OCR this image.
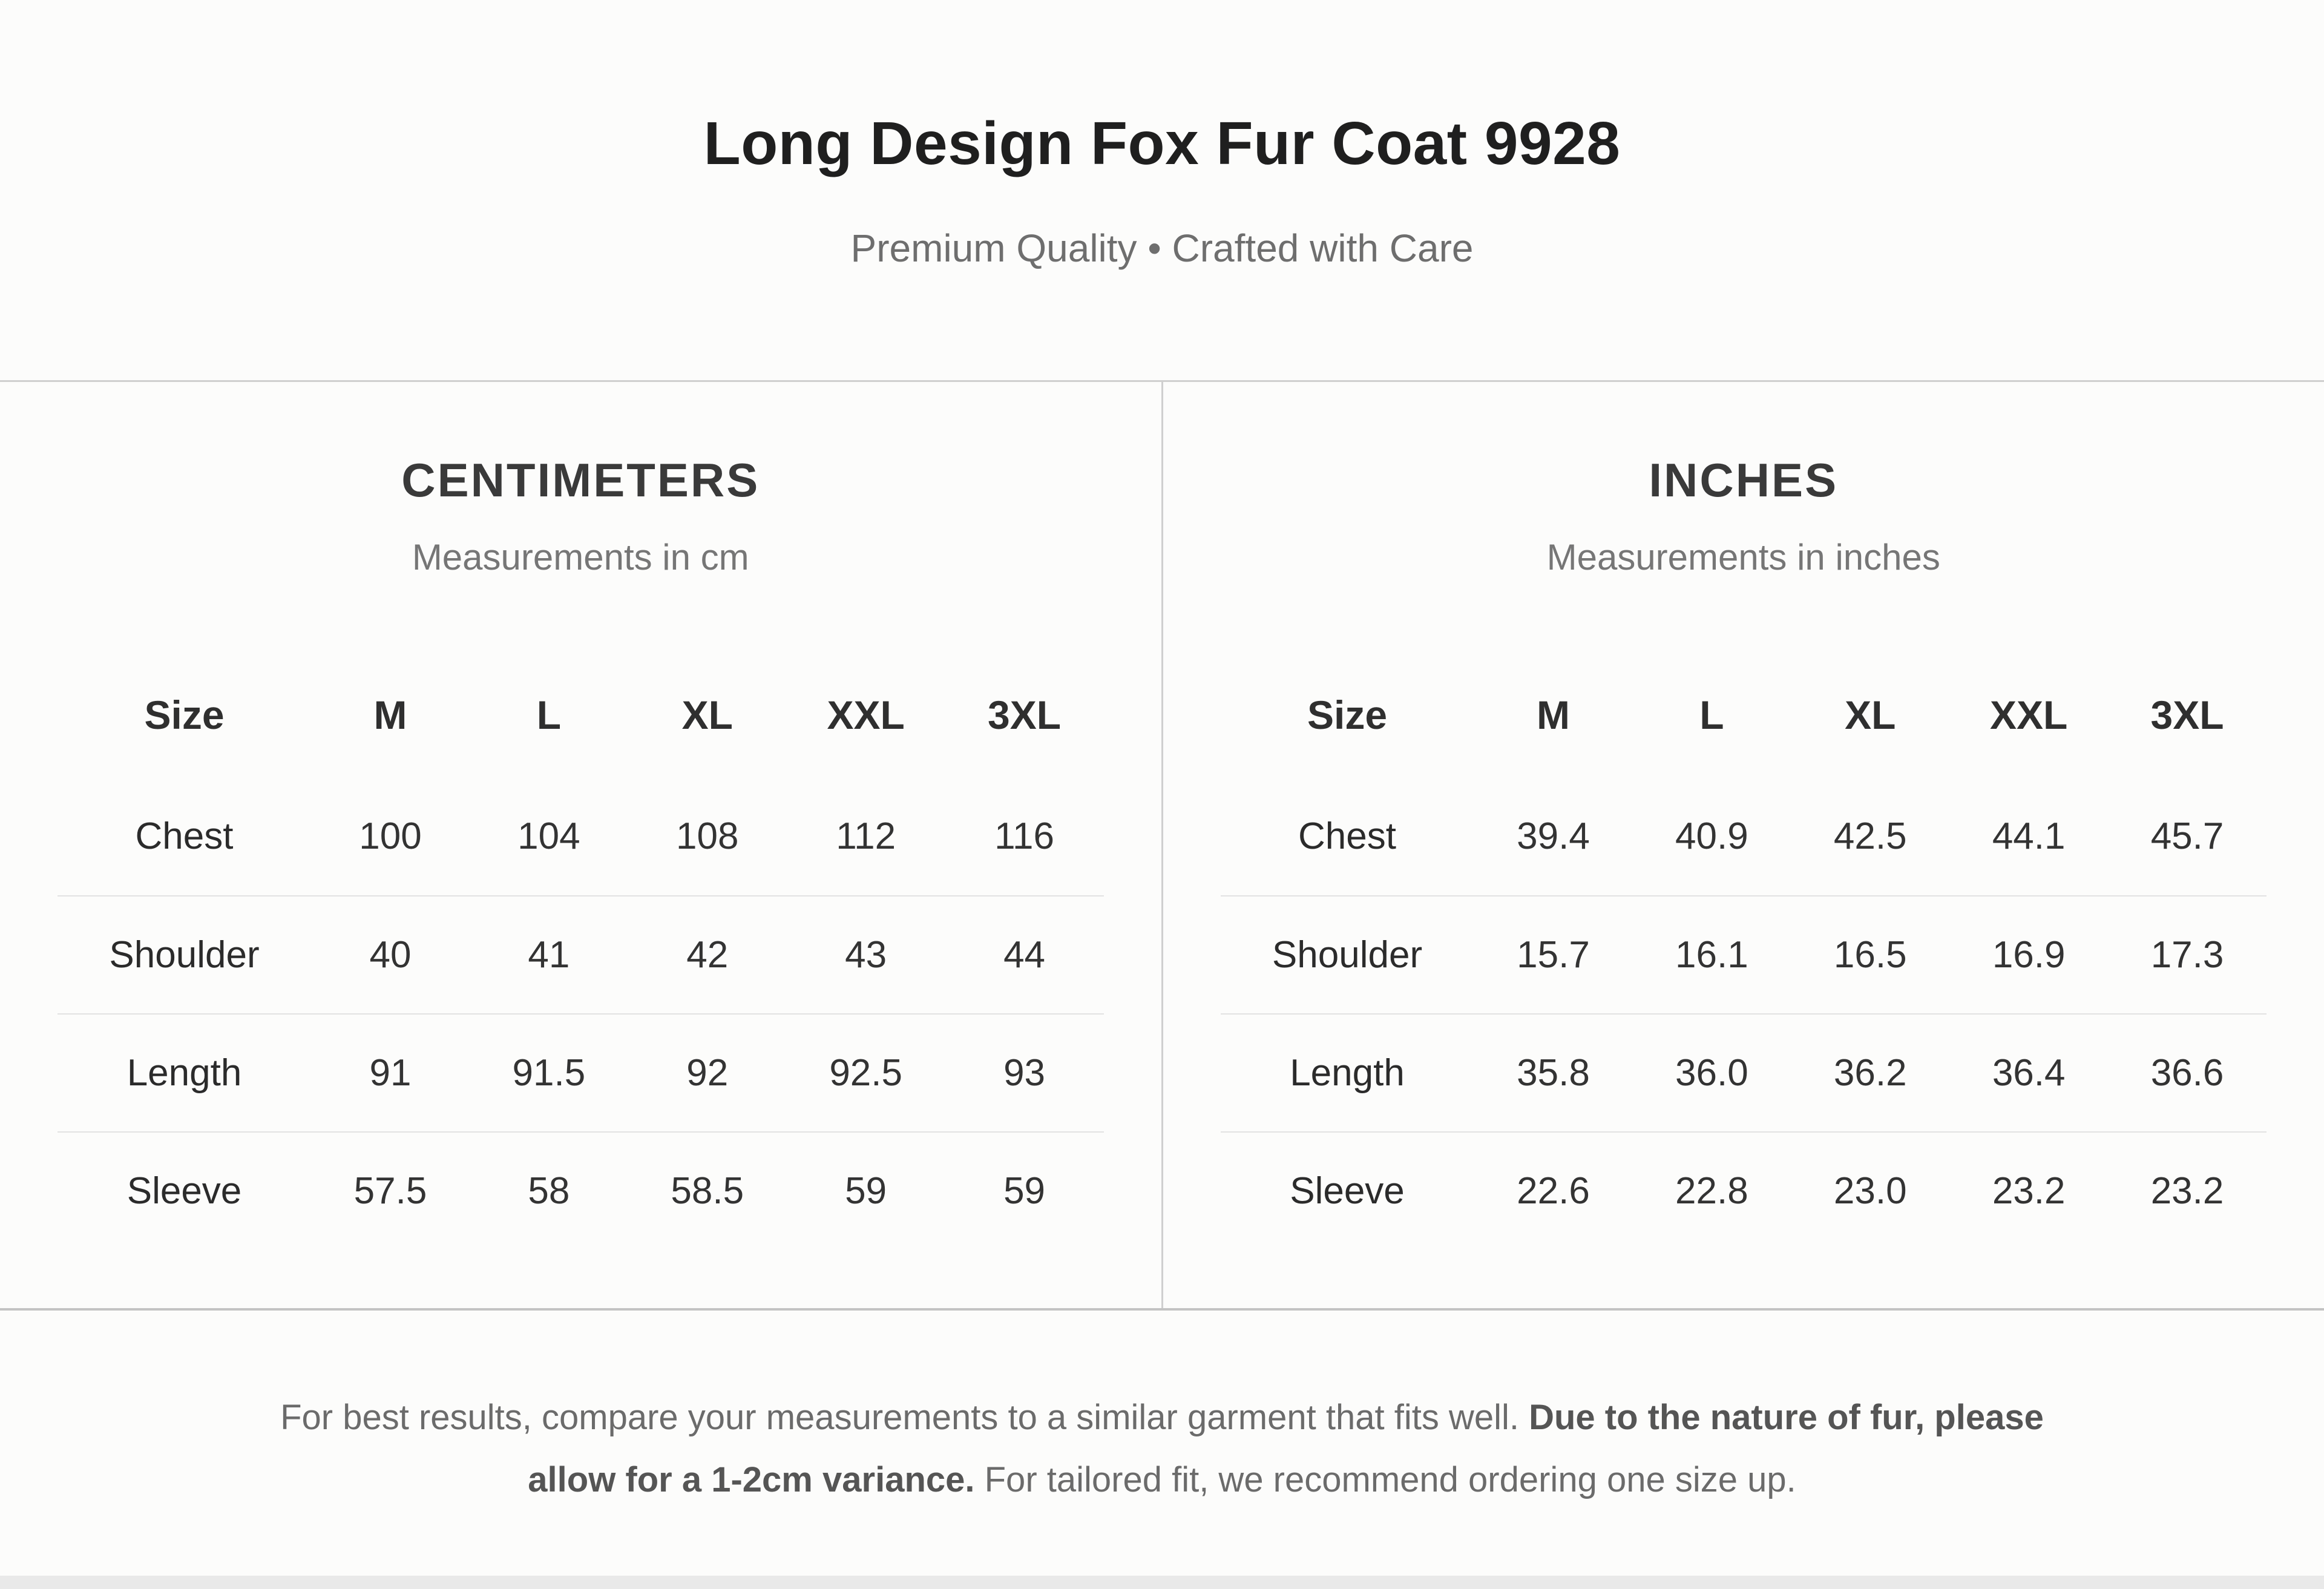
Long Design Fox Fur Coat 9928
Premium Quality • Crafted with Care
CENTIMETERS
Measurements in cm
Size	M	L	XL	XXL	3XL
Chest	100	104	108	112	116
Shoulder	40	41	42	43	44
Length	91	91.5	92	92.5	93
Sleeve	57.5	58	58.5	59	59
INCHES
Measurements in inches
Size	M	L	XL	XXL	3XL
Chest	39.4	40.9	42.5	44.1	45.7
Shoulder	15.7	16.1	16.5	16.9	17.3
Length	35.8	36.0	36.2	36.4	36.6
Sleeve	22.6	22.8	23.0	23.2	23.2
For best results, compare your measurements to a similar garment that fits well. Due to the nature of fur, please allow for a 1-2cm variance. For tailored fit, we recommend ordering one size up.
